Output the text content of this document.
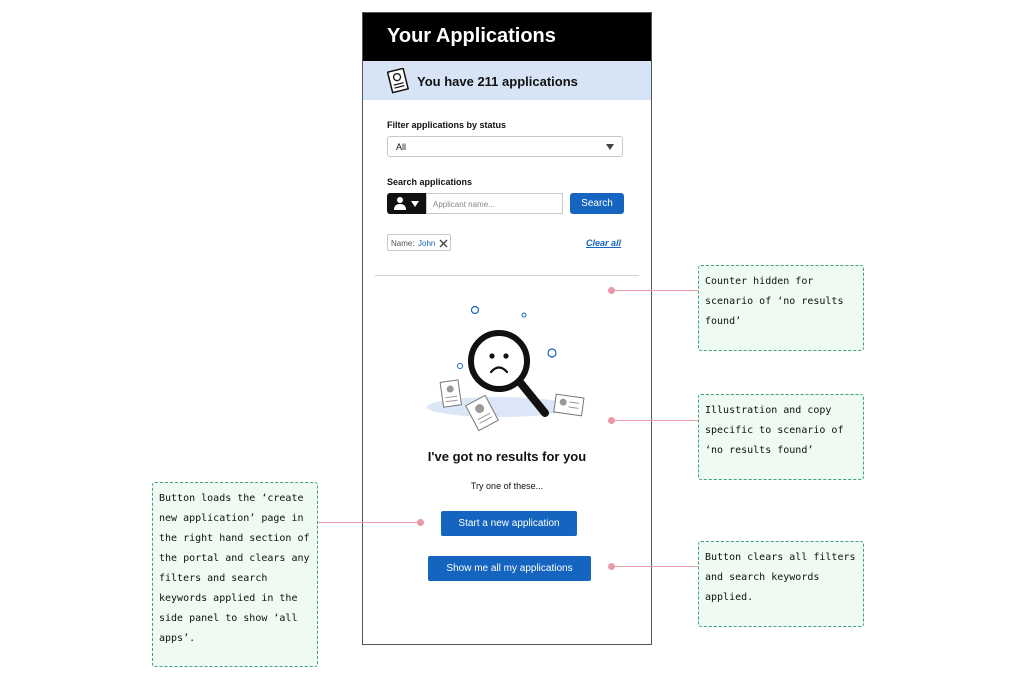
Your Applications
You have 211 applications
Filter applications by status
All
Search applications
Applicant name...	Search
Name: John	Clear all
I've got no results for you
Try one of these...
Start a new application
Show me all my applications
Counter hidden for scenario of ‘no results found’
Illustration and copy specific to scenario of ‘no results found’
Button loads the ‘create new application’ page in the right hand section of the portal and clears any filters and search keywords applied in the side panel to show ‘all apps’.
Button clears all filters and search keywords applied.
